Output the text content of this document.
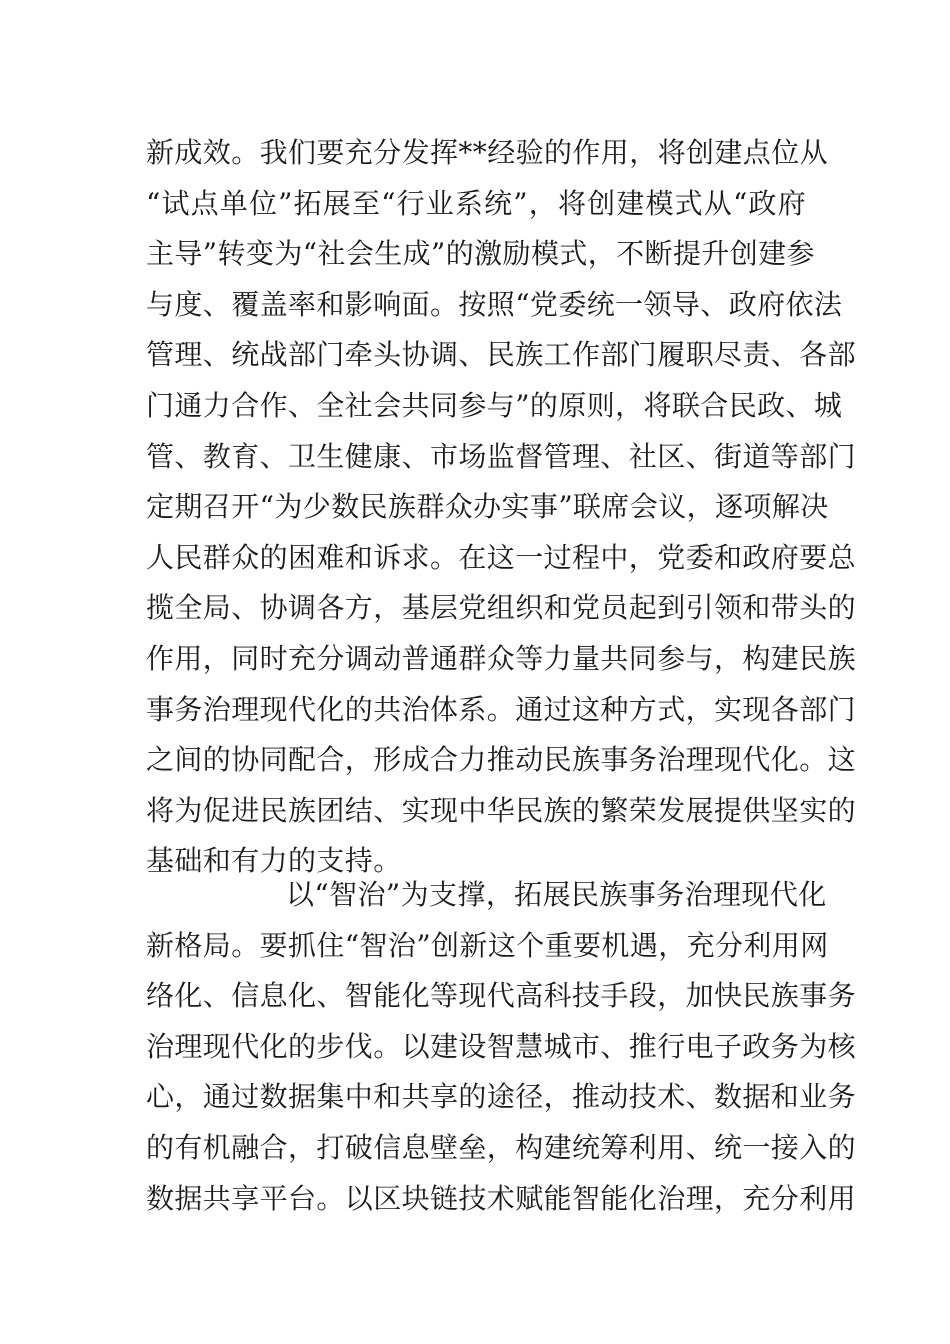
新成效。我们要充分发挥**经验的作用，将创建点位从
“试点单位”拓展至“行业系统”，将创建模式从“政府
主导”转变为“社会生成”的激励模式，不断提升创建参
与度、覆盖率和影响面。按照“党委统一领导、政府依法
管理、统战部门牵头协调、民族工作部门履职尽责、各部
门通力合作、全社会共同参与”的原则，将联合民政、城
管、教育、卫生健康、市场监督管理、社区、街道等部门
定期召开“为少数民族群众办实事”联席会议，逐项解决
人民群众的困难和诉求。在这一过程中，党委和政府要总
揽全局、协调各方，基层党组织和党员起到引领和带头的
作用，同时充分调动普通群众等力量共同参与，构建民族
事务治理现代化的共治体系。通过这种方式，实现各部门
之间的协同配合，形成合力推动民族事务治理现代化。这
将为促进民族团结、实现中华民族的繁荣发展提供坚实的
基础和有力的支持。
以“智治”为支撑，拓展民族事务治理现代化
新格局。要抓住“智治”创新这个重要机遇，充分利用网
络化、信息化、智能化等现代高科技手段，加快民族事务
治理现代化的步伐。以建设智慧城市、推行电子政务为核
心，通过数据集中和共享的途径，推动技术、数据和业务
的有机融合，打破信息壁垒，构建统筹利用、统一接入的
数据共享平台。以区块链技术赋能智能化治理，充分利用
